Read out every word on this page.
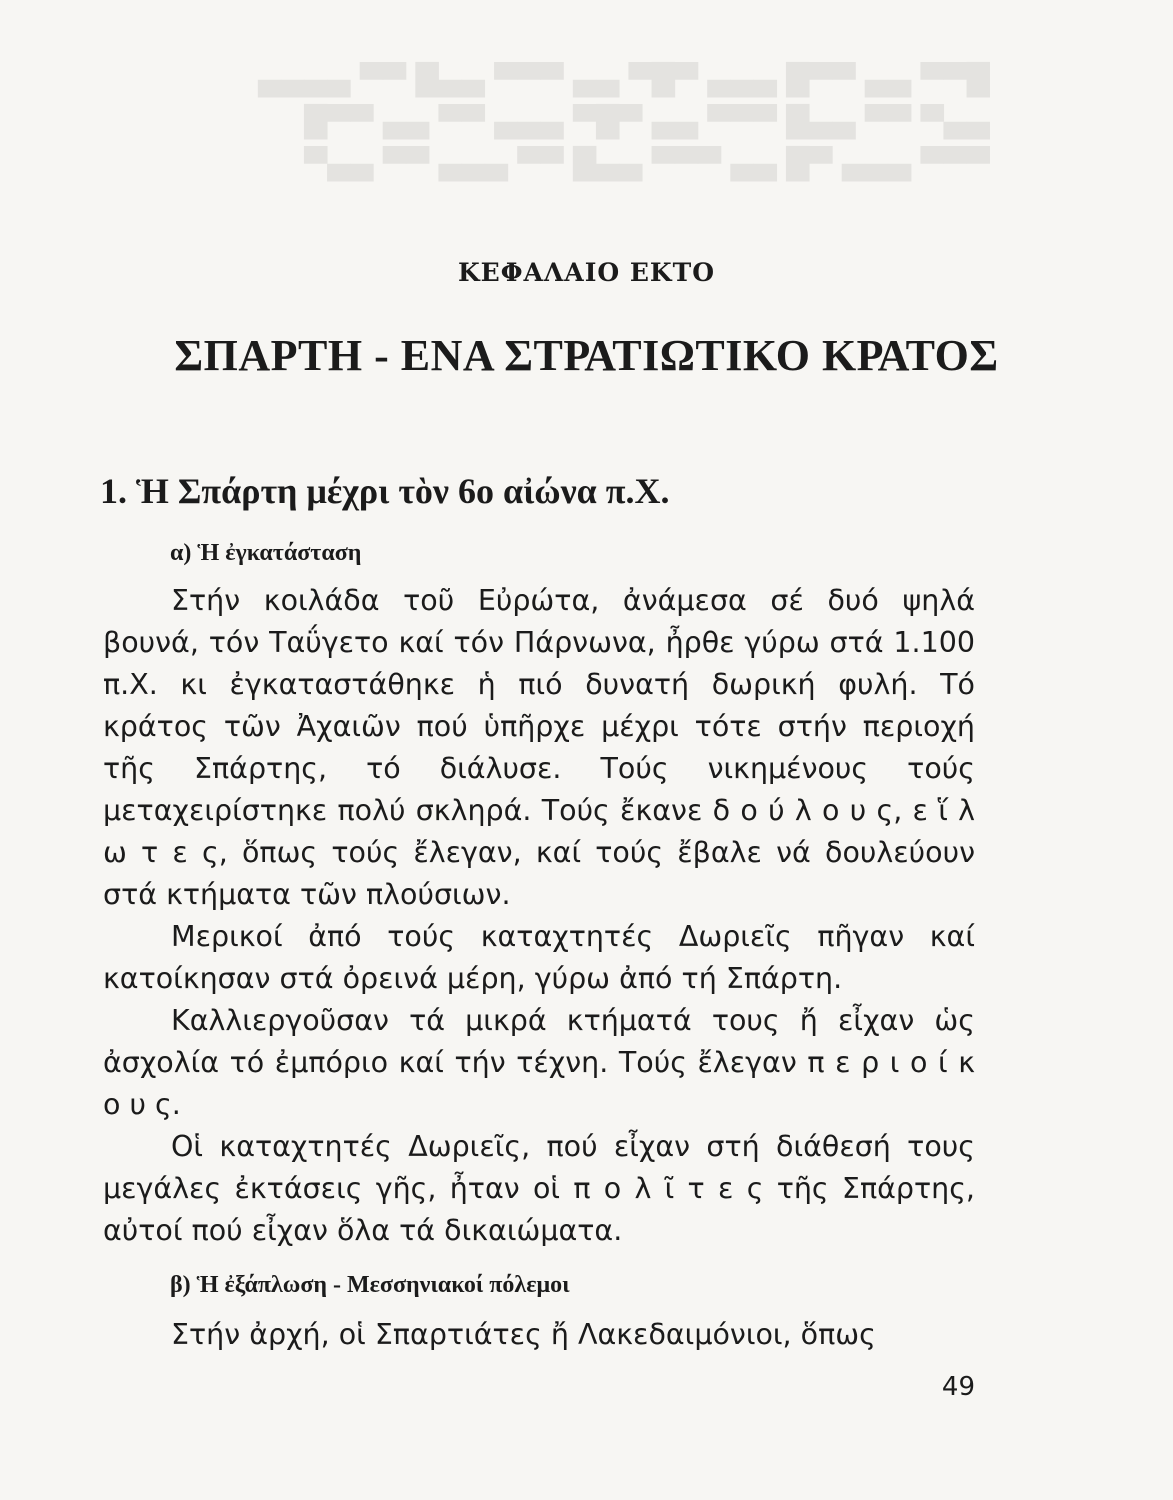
█▀▀ ▄▄ ▀▀█ ▄▄▄ ▀█▀ ▄▄ ▀▀▀ ▄▄█ ▀▀ ▄▄▄▄
▄▄▀ ▀▀ ▄▄█ ▀▀▀ ▄▄ ▀█▀ ▄▄▄ ▀▀ ▄▄ ▀▀█
▀▀▀ ▄▄▄ ▀█ ▄▄ ▀▀▀ ▄▄█ ▀▀ ▄▄▄ ▀▀ ▄▄▀
ΚΕΦΑΛΑΙΟ ΕΚΤΟ
ΣΠΑΡΤΗ - ΕΝΑ ΣΤΡΑΤΙΩΤΙΚΟ ΚΡΑΤΟΣ
1. Ἡ Σπάρτη μέχρι τὸν 6ο αἰώνα π.Χ.
α) Ἡ ἐγκατάσταση

Στήν κοιλάδα τοῦ Εὐρώτα, ἀνάμεσα σέ δυό ψηλά βουνά, τόν Ταΰγετο καί τόν Πάρνωνα, ἦρθε γύρω στά 1.100 π.Χ. κι ἐγκαταστάθηκε ἡ πιό δυνατή δωρική φυλή. Τό κράτος τῶν Ἀχαιῶν πού ὑπῆρχε μέχρι τότε στήν περιοχή τῆς Σπάρτης, τό διάλυσε. Τούς νικημένους τούς μεταχειρίστηκε πολύ σκληρά. Τούς ἔκανε δ ο ύ λ ο υ ς, ε ἵ λ ω τ ε ς, ὅπως τούς ἔλεγαν, καί τούς ἔβαλε νά δουλεύουν στά κτήματα τῶν πλούσιων.

Μερικοί ἀπό τούς καταχτητές Δωριεῖς πῆγαν καί κατοίκησαν στά ὀρεινά μέρη, γύρω ἀπό τή Σπάρτη.

Καλλιεργοῦσαν τά μικρά κτήματά τους ἤ εἶχαν ὡς ἀσχολία τό ἐμπόριο καί τήν τέχνη. Τούς ἔλεγαν π ε ρ ι ο ί κ ο υ ς.

Οἱ καταχτητές Δωριεῖς, πού εἶχαν στή διάθεσή τους μεγάλες ἐκτάσεις γῆς, ἦταν οἱ π ο λ ῖ τ ε ς τῆς Σπάρτης, αὐτοί πού εἶχαν ὅλα τά δικαιώματα.

β) Ἡ ἐξάπλωση - Μεσσηνιακοί πόλεμοι

Στήν ἀρχή, οἱ Σπαρτιάτες ἤ Λακεδαιμόνιοι, ὅπως

49
